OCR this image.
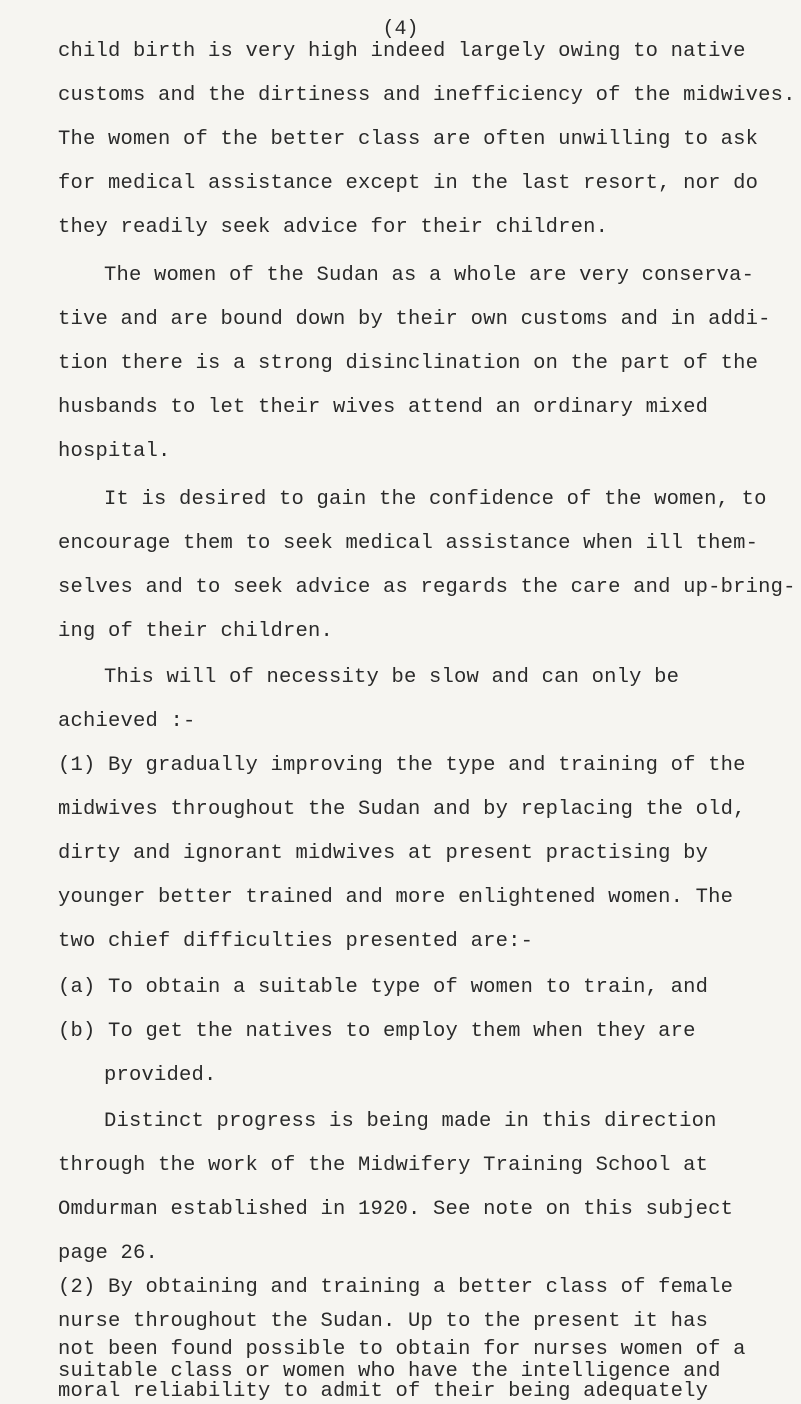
(4)
child birth is very high indeed largely owing to native
customs and the dirtiness and inefficiency of the midwives.
The women of the better class are often unwilling to ask
for medical assistance except in the last resort, nor do
they readily seek advice for their children.
The women of the Sudan as a whole are very conserva-
tive and are bound down by their own customs and in addi-
tion there is a strong disinclination on the part of the
husbands to let their wives attend an ordinary mixed
hospital.
It is desired to gain the confidence of the women, to
encourage them to seek medical assistance when ill them-
selves and to seek advice as regards the care and up-bring-
ing of their children.
This will of necessity be slow and can only be
achieved :-
(1) By gradually improving the type and training of the
midwives throughout the Sudan and by replacing the old,
dirty and ignorant midwives at present practising by
younger better trained and more enlightened women. The
two chief difficulties presented are:-
(a) To obtain a suitable type of women to train, and
(b) To get the natives to employ them when they are
provided.
Distinct progress is being made in this direction
through the work of the Midwifery Training School at
Omdurman established in 1920. See note on this subject
page 26.
(2) By obtaining and training a better class of female
nurse throughout the Sudan. Up to the present it has
not been found possible to obtain for nurses women of a
suitable class or women who have the intelligence and
moral reliability to admit of their being adequately
